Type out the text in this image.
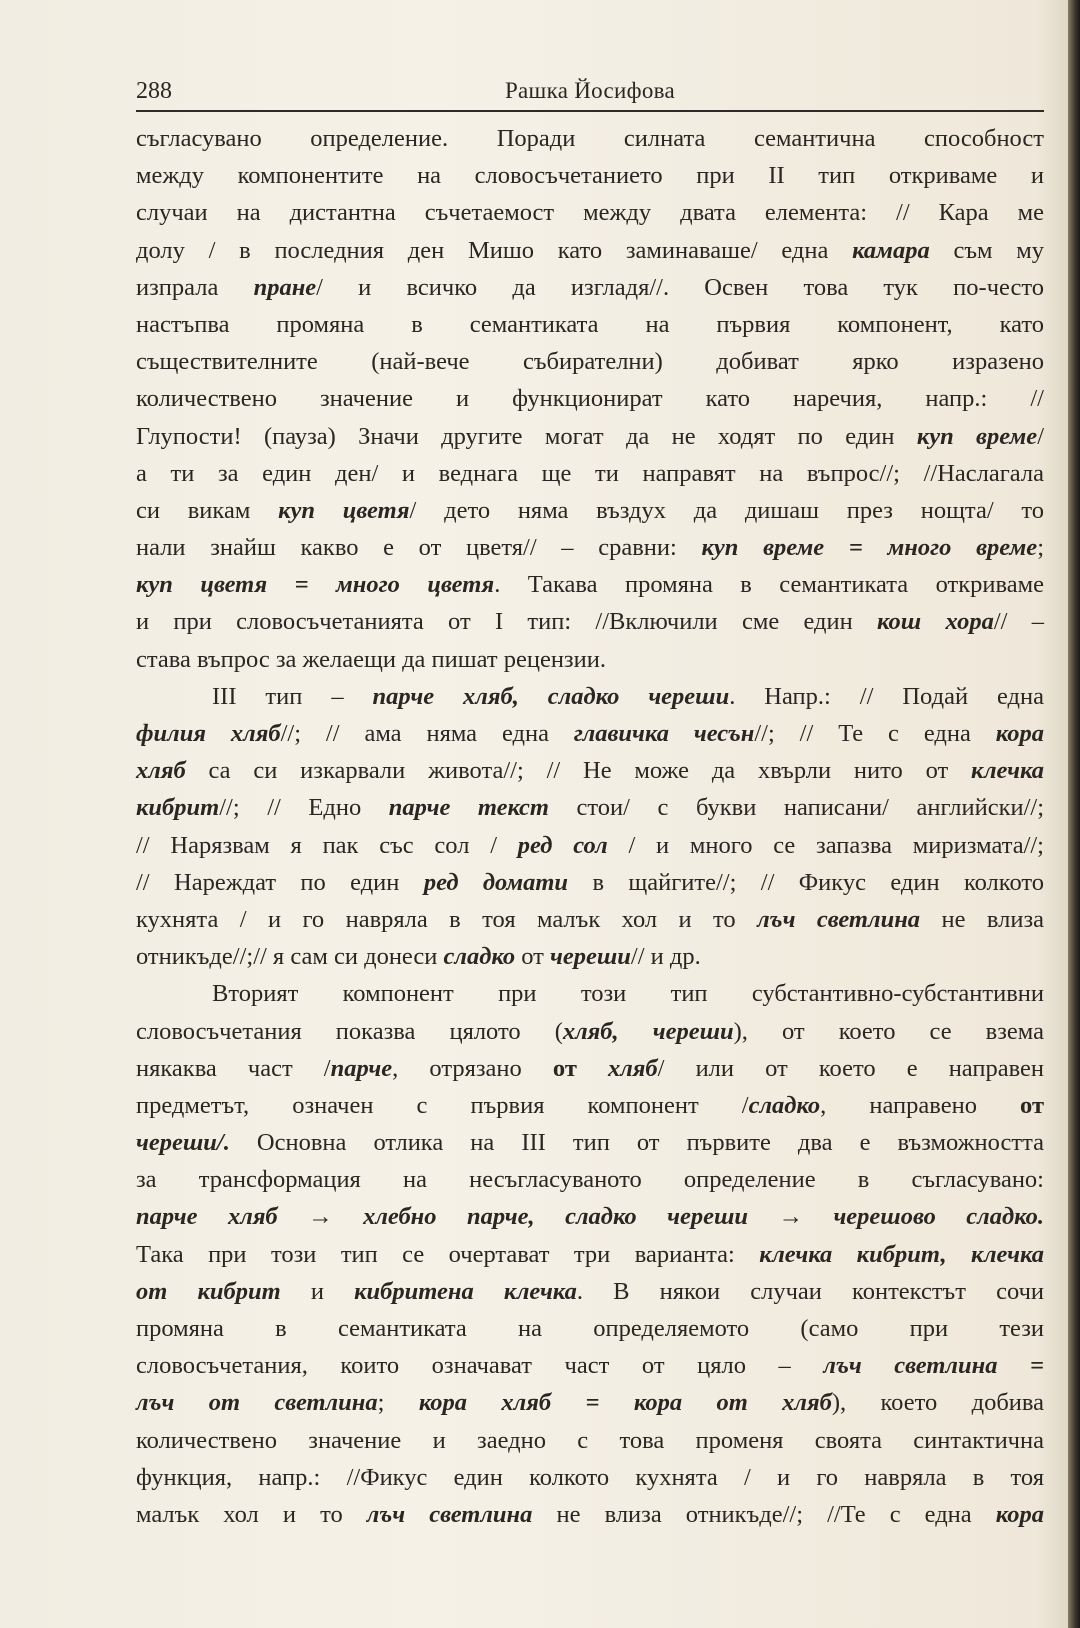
288	Рашка Йосифова
съгласувано определение. Поради силната семантична способност
между компонентите на словосъчетанието при II тип откриваме и
случаи на дистантна съчетаемост между двата елемента: // Кара ме
долу / в последния ден Мишо като заминаваше/ една камара съм му
изпрала пране/ и всичко да изгладя//. Освен това тук по-често
настъпва промяна в семантиката на първия компонент, като
съществителните (най-вече събирателни) добиват ярко изразено
количествено значение и функционират като наречия, напр.: //
Глупости! (пауза) Значи другите могат да не ходят по един куп време/
а ти за един ден/ и веднага ще ти направят на въпрос//; //Наслагала
си викам куп цветя/ дето няма въздух да дишаш през нощта/ то
нали знайш какво е от цветя// – сравни: куп време = много време;
куп цветя = много цветя. Такава промяна в семантиката откриваме
и при словосъчетанията от I тип: //Включили сме един кош хора// –
става въпрос за желаещи да пишат рецензии.
III тип – парче хляб, сладко череши. Напр.: // Подай една
филия хляб//; // ама няма една главичка чесън//; // Те с една кора
хляб са си изкарвали живота//; // Не може да хвърли нито от клечка
кибрит//; // Едно парче текст стои/ с букви написани/ английски//;
// Нарязвам я пак със сол / ред сол / и много се запазва миризмата//;
// Нареждат по един ред домати в щайгите//; // Фикус един колкото
кухнята / и го навряла в тоя малък хол и то лъч светлина не влиза
отникъде//;// я сам си донеси сладко от череши// и др.
Вторият компонент при този тип субстантивно-субстантивни
словосъчетания показва цялото (хляб, череши), от което се взема
някаква част /парче, отрязано от хляб/ или от което е направен
предметът, означен с първия компонент /сладко, направено от
череши/. Основна отлика на III тип от първите два е възможността
за трансформация на несъгласуваното определение в съгласувано:
парче хляб → хлебно парче, сладко череши → черешово сладко.
Така при този тип се очертават три варианта: клечка кибрит, клечка
от кибрит и кибритена клечка. В някои случаи контекстът сочи
промяна в семантиката на определяемото (само при тези
словосъчетания, които означават част от цяло – лъч светлина =
лъч от светлина; кора хляб = кора от хляб), което добива
количествено значение и заедно с това променя своята синтактична
функция, напр.: //Фикус един колкото кухнята / и го навряла в тоя
малък хол и то лъч светлина не влиза отникъде//; //Те с една кора
